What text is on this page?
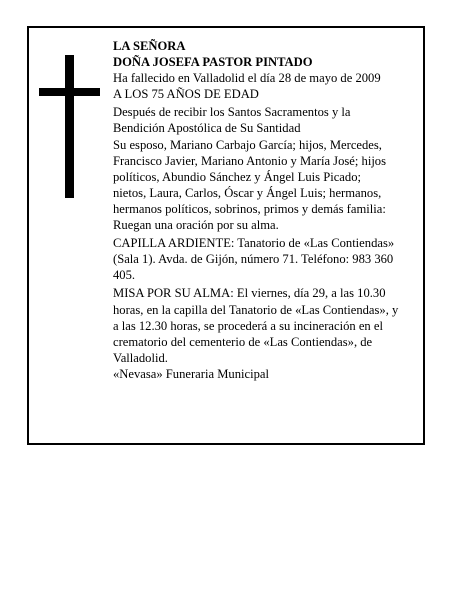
LA SEÑORA
DOÑA JOSEFA PASTOR PINTADO
Ha fallecido en Valladolid el día 28 de mayo de 2009
A LOS 75 AÑOS DE EDAD
Después de recibir los Santos Sacramentos y la
Bendición Apostólica de Su Santidad
Su esposo, Mariano Carbajo García; hijos, Mercedes,
Francisco Javier, Mariano Antonio y María José; hijos
políticos, Abundio Sánchez y Ángel Luis Picado;
nietos, Laura, Carlos, Óscar y Ángel Luis; hermanos,
hermanos políticos, sobrinos, primos y demás familia:
Ruegan una oración por su alma.
CAPILLA ARDIENTE: Tanatorio de «Las Contiendas»
(Sala 1). Avda. de Gijón, número 71. Teléfono: 983 360
405.
MISA POR SU ALMA: El viernes, día 29, a las 10.30
horas, en la capilla del Tanatorio de «Las Contiendas», y
a las 12.30 horas, se procederá a su incineración en el
crematorio del cementerio de «Las Contiendas», de
Valladolid.
«Nevasa» Funeraria Municipal
